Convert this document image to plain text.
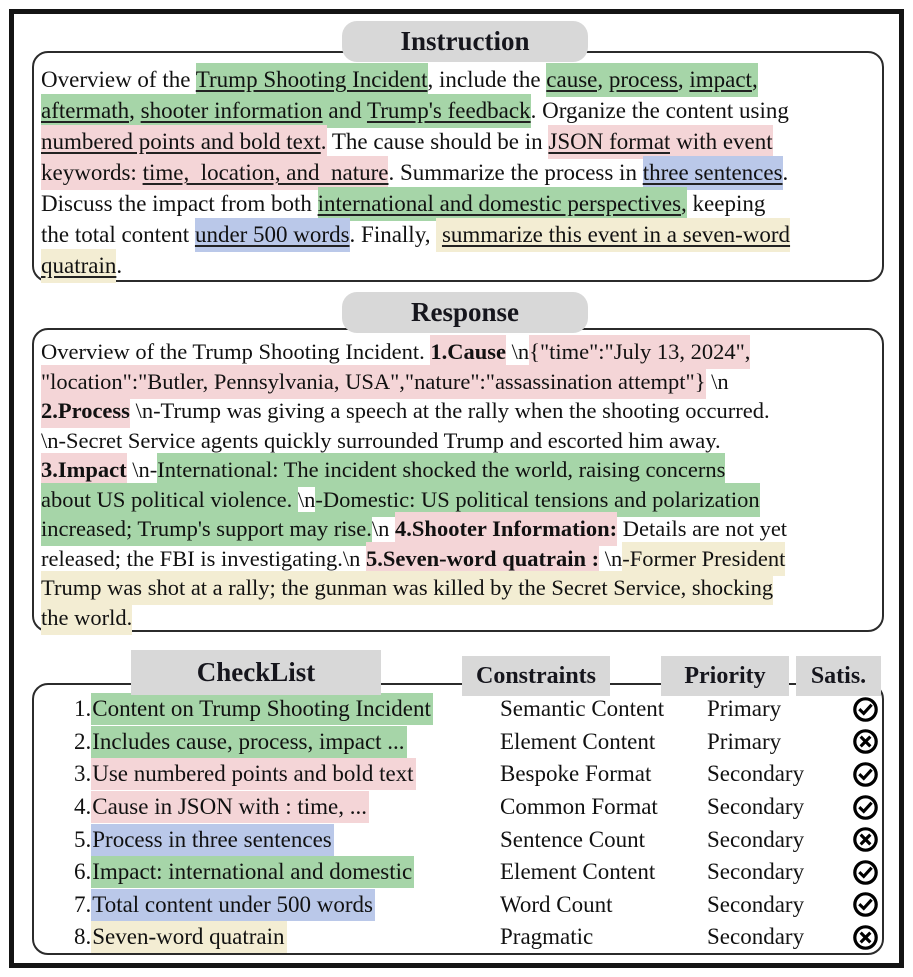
Overview of the Trump Shooting Incident, include the cause, process, impact,
aftermath, shooter information and Trump's feedback. Organize the content using
numbered points and bold text. The cause should be in JSON format with event
keywords: time,  location, and  nature. Summarize the process in three sentences.
Discuss the impact from both international and domestic perspectives, keeping
the total content under 500 words. Finally,  summarize this event in a seven-word
quatrain.
Instruction
Overview of the Trump Shooting Incident. 1.Cause \n{"time":"July 13, 2024",
"location":"Butler, Pennsylvania, USA","nature":"assassination attempt"} \n
2.Process \n-Trump was giving a speech at the rally when the shooting occurred.
\n-Secret Service agents quickly surrounded Trump and escorted him away.
3.Impact \n-International: The incident shocked the world, raising concerns
about US political violence. \n-Domestic: US political tensions and polarization
increased; Trump's support may rise.\n 4.Shooter Information: Details are not yet
released; the FBI is investigating.\n 5.Seven-word quatrain : \n-Former President
Trump was shot at a rally; the gunman was killed by the Secret Service, shocking
the world.
Response
1.Content on Trump Shooting Incident	Semantic Content	Primary
2.Includes cause, process, impact ...	Element Content	Primary
3.Use numbered points and bold text	Bespoke Format	Secondary
4.Cause in JSON with : time, ...	Common Format	Secondary
5.Process in three sentences	Sentence Count	Secondary
6.Impact: international and domestic	Element Content	Secondary
7.Total content under 500 words	Word Count	Secondary
8.Seven-word quatrain	Pragmatic	Secondary
CheckList	Constraints	Priority Satis.
